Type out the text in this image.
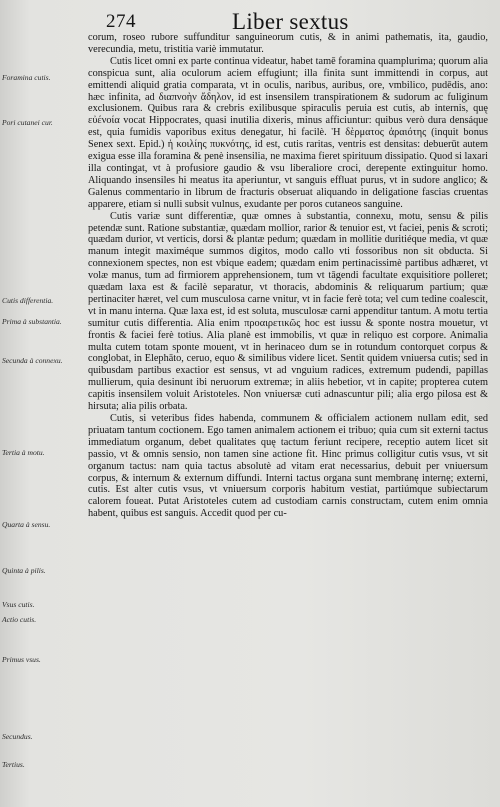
274	Liber sextus
Foramina cutis.
Pori cutanei cur.
Cutis differentia.
Prima à substantia.
Secunda à connexu.
Tertia à motu.
Quarta à sensu.
Quinta à pilis.
Vsus cutis.
Actio cutis.
Primus vsus.
Secundus.
Tertius.

corum, roseo rubore suffunditur sanguineorum cutis, & in animi pathematis, ita, gaudio, verecundia, metu, tristitia variè immutatur.

Cutis licet omni ex parte continua videatur, habet tamē foramina quamplurima; quorum alia conspicua sunt, alia oculorum aciem effugiunt; illa finita sunt immittendi in corpus, aut emittendi aliquid gratia comparata, vt in oculis, naribus, auribus, ore, vmbilico, pudēdis, ano: hæc infinita, ad διαπνοὴν ἄδηλον, id est insensilem transpirationem & sudorum ac fuliginum exclusionem. Quibus rara & crebris exilibusque spiraculis peruia est cutis, ab internis, quę εὐένοία vocat Hippocrates, quasi inutilia dixeris, minus afficiuntur: quibus verò dura densáque est, quia fumidis vaporibus exitus denegatur, hi facilè. Ἡ δὲρματος ἀραιότης (inquit bonus Senex sext. Epid.) ἡ κοιλίης πυκνότης, id est, cutis raritas, ventris est densitas: debuerūt autem exigua esse illa foramina & penè insensilia, ne maxima fieret spirituum dissipatio. Quod si laxari illa contingat, vt à profusiore gaudio & vsu liberaliore croci, derepente extinguitur homo. Aliquando insensiles hi meatus ita aperiuntur, vt sanguis effluat purus, vt in sudore anglico; & Galenus commentario in librum de fracturis obseruat aliquando in deligatione fascias cruentas apparere, etiam si nulli subsit vulnus, exudante per poros cutaneos sanguine.

Cutis variæ sunt differentiæ, quæ omnes à substantia, connexu, motu, sensu & pilis petendæ sunt. Ratione substantiæ, quædam mollior, rarior & tenuior est, vt faciei, penis & scroti; quædam durior, vt verticis, dorsi & plantæ pedum; quædam in mollitie duritiéque media, vt quæ manum integit maximéque summos digitos, modo callo vti fossoribus non sit obducta. Si connexionem spectes, non est vbique eadem; quædam enim pertinacissimè partibus adhæret, vt volæ manus, tum ad firmiorem apprehensionem, tum vt tāgendi facultate exquisitiore polleret; quædam laxa est & facilè separatur, vt thoracis, abdominis & reliquarum partium; quæ pertinaciter hæret, vel cum musculosa carne vnitur, vt in facie ferè tota; vel cum tedine coalescit, vt in manu interna. Quæ laxa est, id est soluta, musculosæ carni appenditur tantum. A motu tertia sumitur cutis differentia. Alia enim προαιρετικῶς hoc est iussu & sponte nostra mouetur, vt frontis & faciei ferè totius. Alia planè est immobilis, vt quæ in reliquo est corpore. Animalia multa cutem totam sponte mouent, vt in herinaceo dum se in rotundum contorquet corpus & conglobat, in Elephāto, ceruo, equo & similibus videre licet. Sentit quidem vniuersa cutis; sed in quibusdam partibus exactior est sensus, vt ad vnguium radices, extremum pudendi, papillas mullierum, quia desinunt ibi neruorum extremæ; in aliis hebetior, vt in capite; propterea cutem capitis insensilem voluit Aristoteles. Non vniuersæ cuti adnascuntur pili; alia ergo pilosa est & hirsuta; alia pilis orbata.

Cutis, si veteribus fides habenda, communem & officialem actionem nullam edit, sed priuatam tantum coctionem. Ego tamen animalem actionem ei tribuo; quia cum sit externi tactus immediatum organum, debet qualitates quę tactum feriunt recipere, receptio autem licet sit passio, vt & omnis sensio, non tamen sine actione fit. Hinc primus colligitur cutis vsus, vt sit organum tactus: nam quia tactus absolutè ad vitam erat necessarius, debuit per vniuersum corpus, & internum & externum diffundi. Interni tactus organa sunt membranę internę; externi, cutis. Est alter cutis vsus, vt vniuersum corporis habitum vestiat, partiúmque subiectarum calorem foueat. Putat Aristoteles cutem ad custodiam carnis constructam, cutem enim omnia habent, quibus est sanguis. Accedit quod per cu-
